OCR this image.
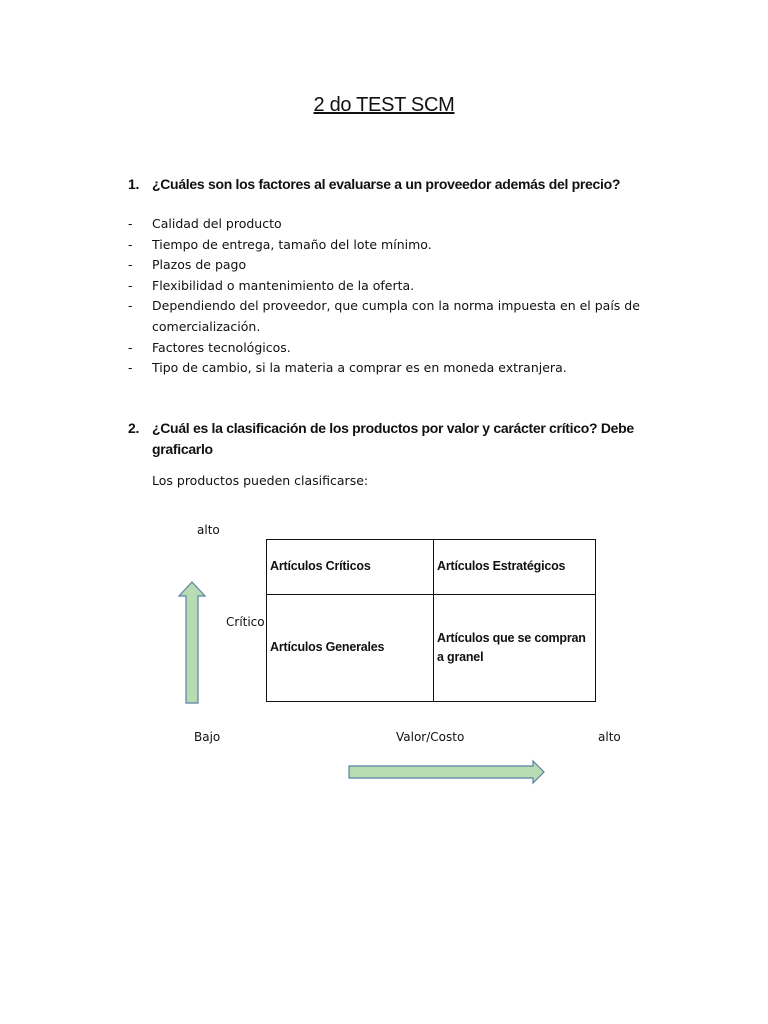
2 do TEST SCM
1. ¿Cuáles son los factores al evaluarse a un proveedor además del precio?
- Calidad del producto
- Tiempo de entrega, tamaño del lote mínimo.
- Plazos de pago
- Flexibilidad o mantenimiento de la oferta.
- Dependiendo del proveedor, que cumpla con la norma impuesta en el país de comercialización.
- Factores tecnológicos.
- Tipo de cambio, si la materia a comprar es en moneda extranjera.
2. ¿Cuál es la clasificación de los productos por valor y carácter crítico? Debe graficarlo
Los productos pueden clasificarse:
alto
Crítico
Artículos Críticos	Artículos Estratégicos
Artículos Generales	Artículos que se compran a granel
Bajo	Valor/Costo	alto
